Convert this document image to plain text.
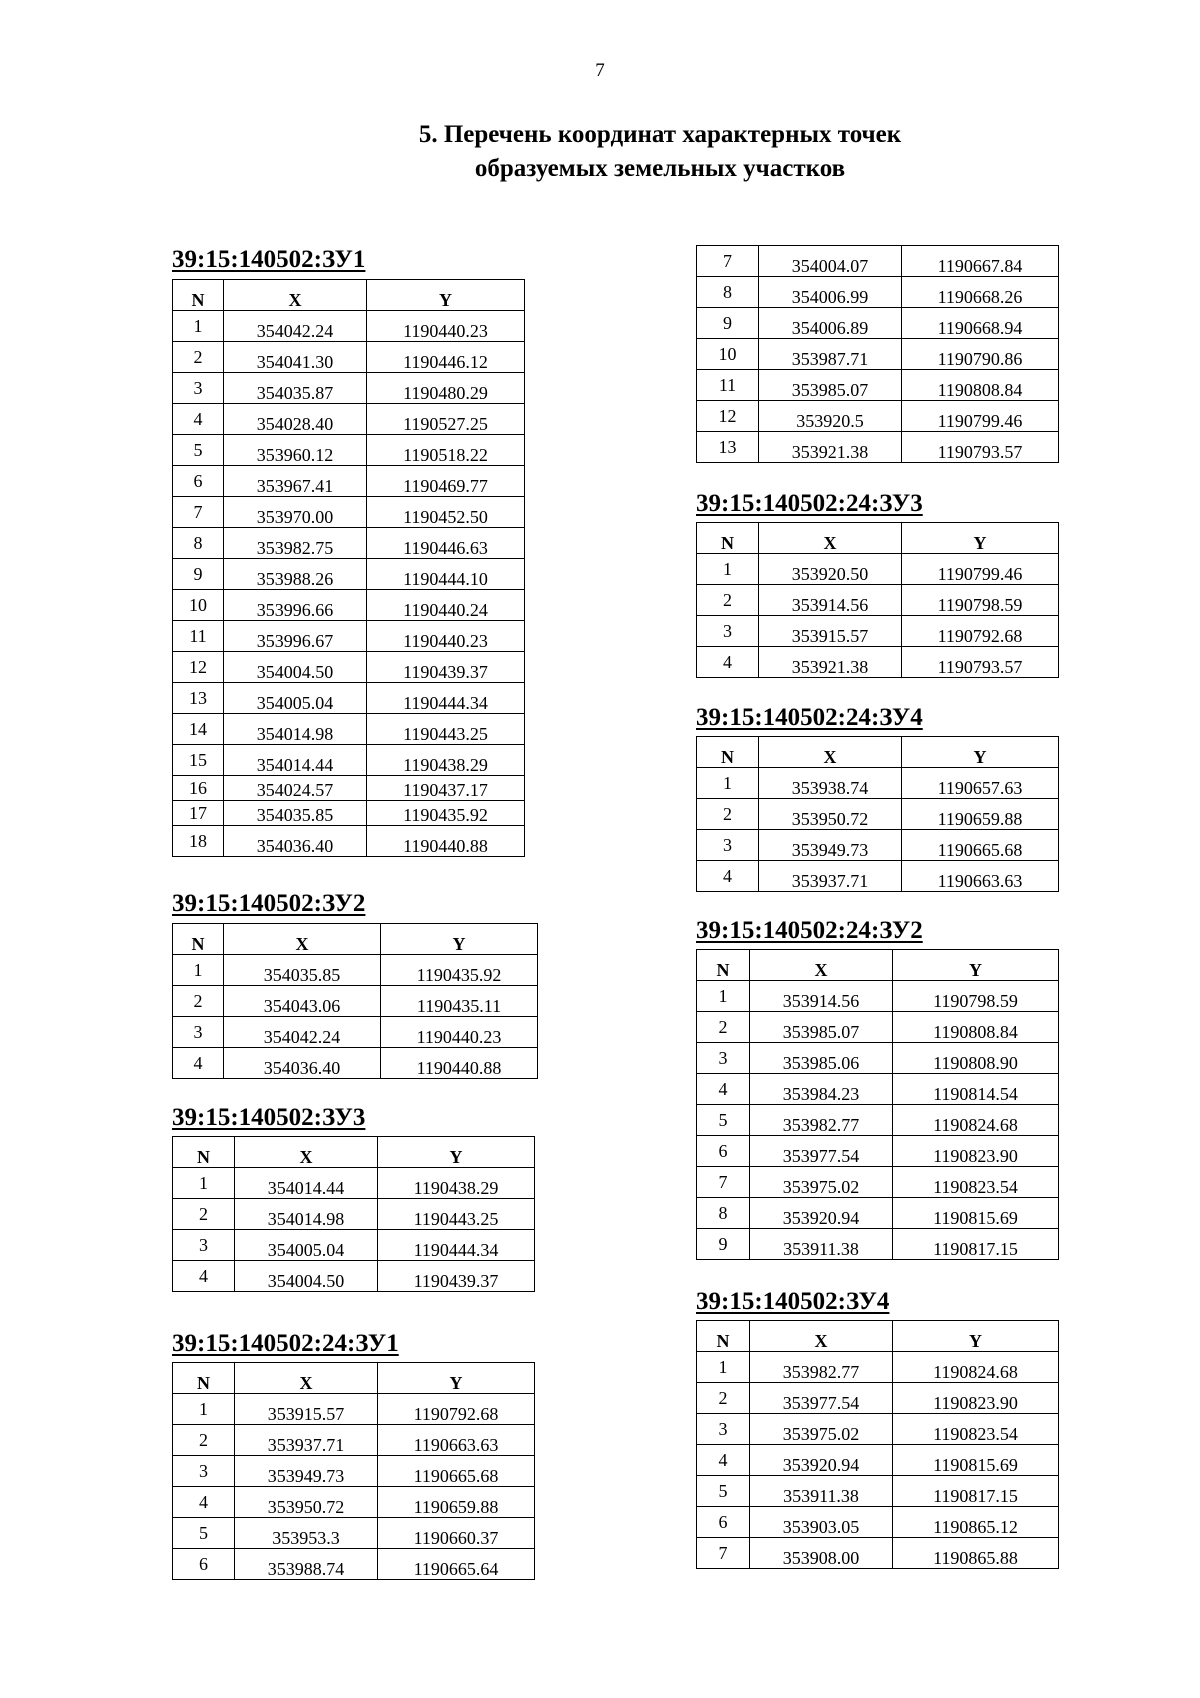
7
5. Перечень координат характерных точек
образуемых земельных участков
39:15:140502:ЗУ1
N	X	Y
1	354042.24	1190440.23
2	354041.30	1190446.12
3	354035.87	1190480.29
4	354028.40	1190527.25
5	353960.12	1190518.22
6	353967.41	1190469.77
7	353970.00	1190452.50
8	353982.75	1190446.63
9	353988.26	1190444.10
10	353996.66	1190440.24
11	353996.67	1190440.23
12	354004.50	1190439.37
13	354005.04	1190444.34
14	354014.98	1190443.25
15	354014.44	1190438.29
16	354024.57	1190437.17
17	354035.85	1190435.92
18	354036.40	1190440.88
39:15:140502:ЗУ2
N	X	Y
1	354035.85	1190435.92
2	354043.06	1190435.11
3	354042.24	1190440.23
4	354036.40	1190440.88
39:15:140502:ЗУ3
N	X	Y
1	354014.44	1190438.29
2	354014.98	1190443.25
3	354005.04	1190444.34
4	354004.50	1190439.37
39:15:140502:24:ЗУ1
N	X	Y
1	353915.57	1190792.68
2	353937.71	1190663.63
3	353949.73	1190665.68
4	353950.72	1190659.88
5	353953.3	1190660.37
6	353988.74	1190665.64
7	354004.07	1190667.84
8	354006.99	1190668.26
9	354006.89	1190668.94
10	353987.71	1190790.86
11	353985.07	1190808.84
12	353920.5	1190799.46
13	353921.38	1190793.57
39:15:140502:24:ЗУ3
N	X	Y
1	353920.50	1190799.46
2	353914.56	1190798.59
3	353915.57	1190792.68
4	353921.38	1190793.57
39:15:140502:24:ЗУ4
N	X	Y
1	353938.74	1190657.63
2	353950.72	1190659.88
3	353949.73	1190665.68
4	353937.71	1190663.63
39:15:140502:24:ЗУ2
N	X	Y
1	353914.56	1190798.59
2	353985.07	1190808.84
3	353985.06	1190808.90
4	353984.23	1190814.54
5	353982.77	1190824.68
6	353977.54	1190823.90
7	353975.02	1190823.54
8	353920.94	1190815.69
9	353911.38	1190817.15
39:15:140502:ЗУ4
N	X	Y
1	353982.77	1190824.68
2	353977.54	1190823.90
3	353975.02	1190823.54
4	353920.94	1190815.69
5	353911.38	1190817.15
6	353903.05	1190865.12
7	353908.00	1190865.88
